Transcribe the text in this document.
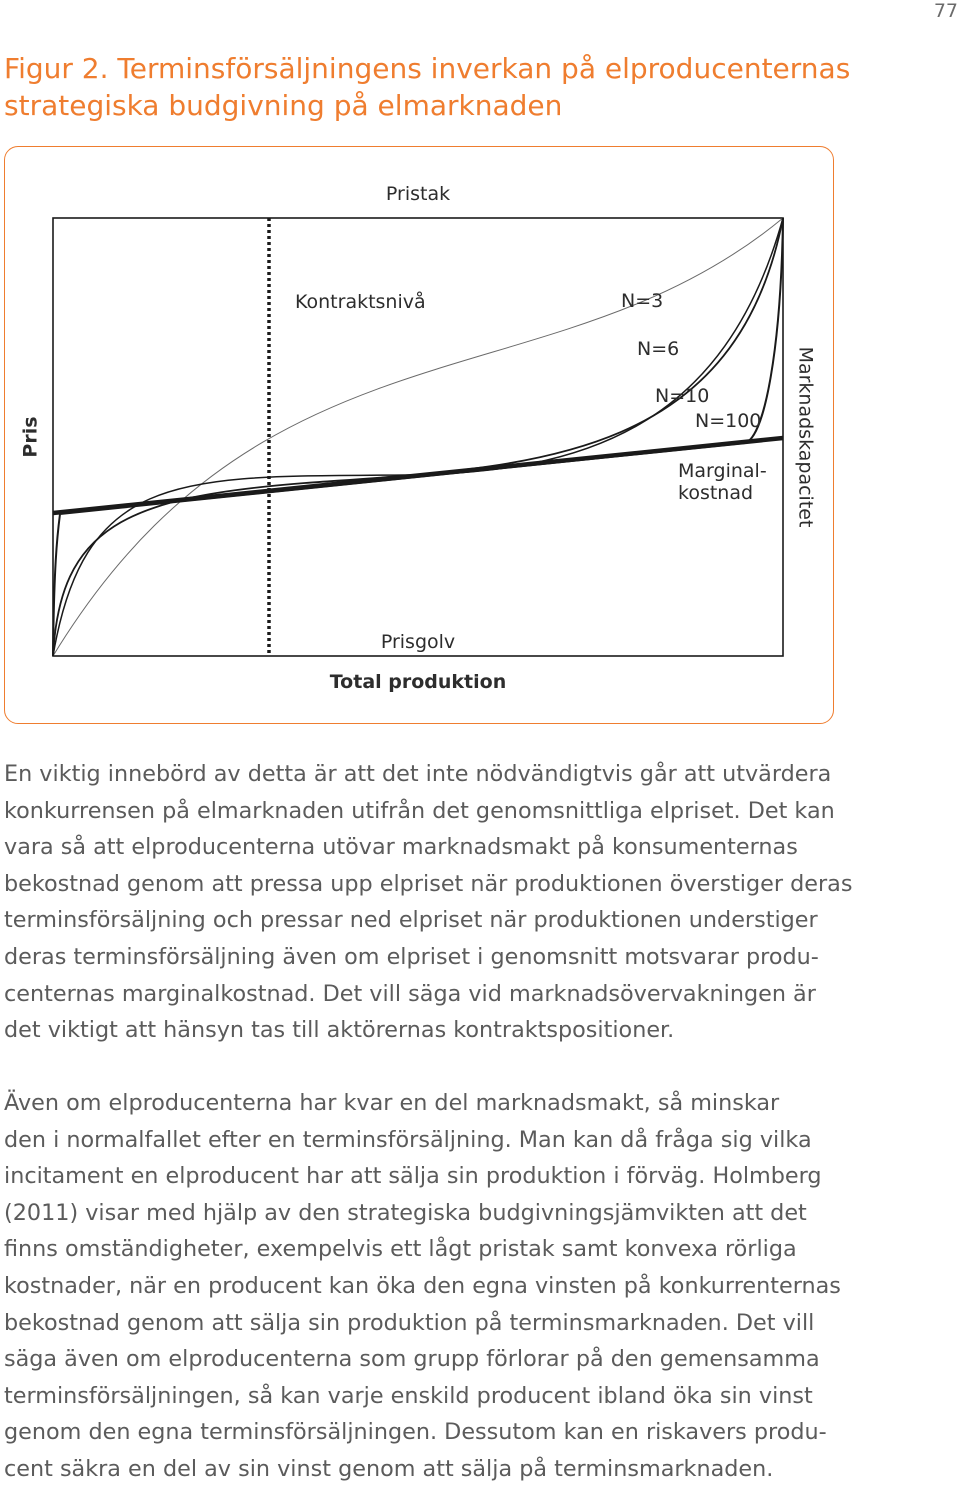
77
Figur 2. Terminsförsäljningens inverkan på elproducenternas
strategiska budgivning på elmarknaden
Pristak
Prisgolv
Total produktion
Pris	Marknadskapacitet
Kontraktsnivå	N=3
N=6
N=10
N=100
Marginal-
kostnad

En viktig innebörd av detta är att det inte nödvändigtvis går att utvärdera
konkurrensen på elmarknaden utifrån det genomsnittliga elpriset. Det kan
vara så att elproducenterna utövar marknadsmakt på konsumenternas
bekostnad genom att pressa upp elpriset när produktionen överstiger deras
terminsförsäljning och pressar ned elpriset när produktionen understiger
deras terminsförsäljning även om elpriset i genomsnitt motsvarar produ-
centernas marginalkostnad. Det vill säga vid marknadsövervakningen är
det viktigt att hänsyn tas till aktörernas kontraktspositioner.

Även om elproducenterna har kvar en del marknadsmakt, så minskar
den i normalfallet efter en terminsförsäljning. Man kan då fråga sig vilka
incitament en elproducent har att sälja sin produktion i förväg. Holmberg
(2011) visar med hjälp av den strategiska budgivningsjämvikten att det
finns omständigheter, exempelvis ett lågt pristak samt konvexa rörliga
kostnader, när en producent kan öka den egna vinsten på konkurrenternas
bekostnad genom att sälja sin produktion på terminsmarknaden. Det vill
säga även om elproducenterna som grupp förlorar på den gemensamma
terminsförsäljningen, så kan varje enskild producent ibland öka sin vinst
genom den egna terminsförsäljningen. Dessutom kan en riskavers produ-
cent säkra en del av sin vinst genom att sälja på terminsmarknaden.
